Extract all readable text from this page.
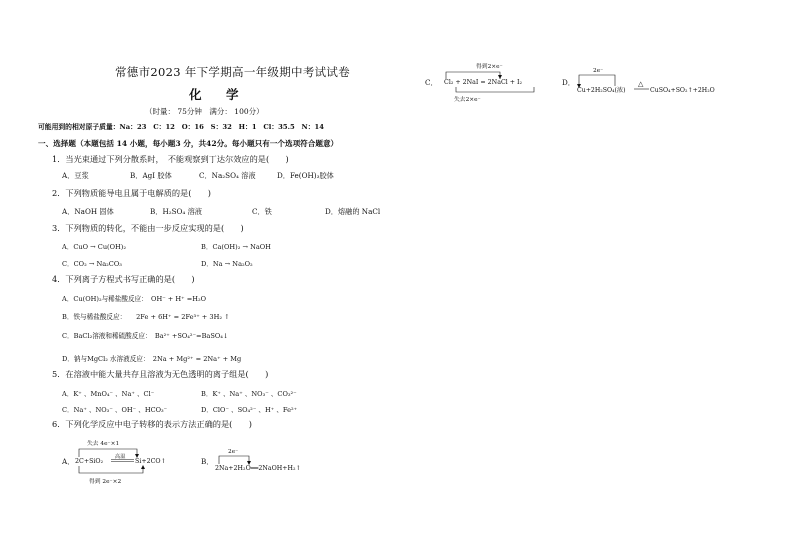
常德市2023 年下学期高一年级期中考试试卷
化　学
（时量： 75分钟　满分： 100分）
可能用到的相对原子质量：Na：23　C：12　O：16　S：32　H：1　Cl：35.5　N：14
一、选择题（本题包括 14 小题，每小题3 分，共42分。每小题只有一个选项符合题意）
1．当光束通过下列分散系时，　不能观察到丁达尔效应的是(　　)
A．豆浆	B．AgI 胶体	C．Na₂SO₄ 溶液	D．Fe(OH)₃胶体
2．下列物质能导电且属于电解质的是(　　)
A．NaOH 固体	B．H₂SO₄ 溶液	C．铁	D．熔融的 NaCl
3．下列物质的转化，不能由一步反应实现的是(　　)
A．CuO → Cu(OH)₂	B．Ca(OH)₂ → NaOH
C．CO₂ → Na₂CO₃	D．Na → Na₂O₂
4．下列离子方程式书写正确的是(　　)
A．Cu(OH)₂与稀盐酸反应：　OH⁻ + H⁺ =H₂O
B．铁与稀盐酸反应：　　2Fe + 6H⁺ = 2Fe³⁺ + 3H₂ ↑
C．BaCl₂溶液和稀硫酸反应：　Ba²⁺ +SO₄²⁻=BaSO₄↓
D．钠与MgCl₂ 水溶液反应：　2Na + Mg²⁺ = 2Na⁺ + Mg
5．在溶液中能大量共存且溶液为无色透明的离子组是(　　)
A．K⁺ 、MnO₄⁻ 、Na⁺ 、Cl⁻	B．K⁺ 、Na⁺ 、NO₃⁻ 、CO₃²⁻
C．Na⁺ 、NO₃⁻ 、OH⁻ 、HCO₃⁻	D．ClO⁻ 、SO₄²⁻ 、H⁺ 、Fe²⁺
6．下列化学反应中电子转移的表示方法正确的是(　　)
A．	B．
失去 4e⁻×1
2C+SiO₂
高温
Si+2CO↑
得到 2e⁻×2
2e⁻
2Na+2H₂O══2NaOH+H₂↑
C．
得到2×e⁻
Cl₂ + 2NaI = 2NaCl + I₂
失去2×e⁻
D．
2e⁻
Cu+2H₂SO₄(浓)
△
CuSO₄+SO₂↑+2H₂O
